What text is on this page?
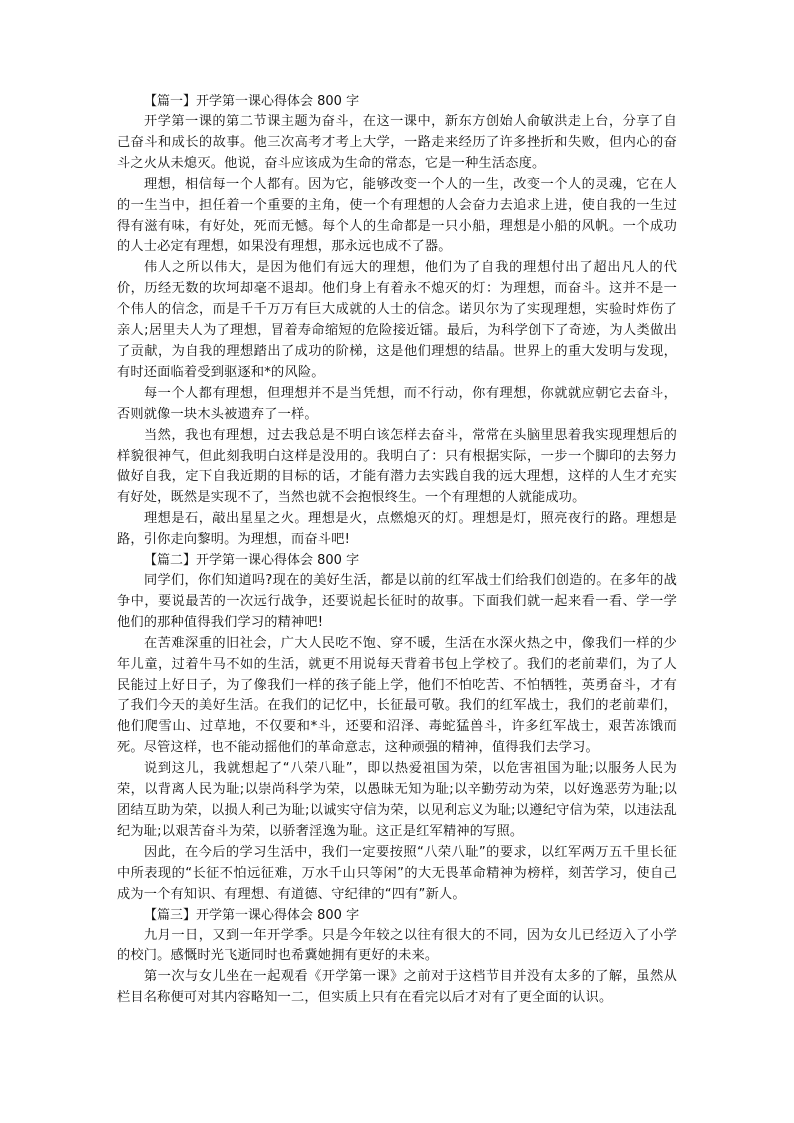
【篇一】开学第一课心得体会 800 字

开学第一课的第二节课主题为奋斗，在这一课中，新东方创始人俞敏洪走上台，分享了自己奋斗和成长的故事。他三次高考才考上大学，一路走来经历了许多挫折和失败，但内心的奋斗之火从未熄灭。他说，奋斗应该成为生命的常态，它是一种生活态度。

理想，相信每一个人都有。因为它，能够改变一个人的一生，改变一个人的灵魂，它在人的一生当中，担任着一个重要的主角，使一个有理想的人会奋力去追求上进，使自我的一生过得有滋有味，有好处，死而无憾。每个人的生命都是一只小船，理想是小船的风帆。一个成功的人士必定有理想，如果没有理想，那永远也成不了器。

伟人之所以伟大，是因为他们有远大的理想，他们为了自我的理想付出了超出凡人的代价，历经无数的坎坷却毫不退却。他们身上有着永不熄灭的灯：为理想，而奋斗。这并不是一个伟人的信念，而是千千万万有巨大成就的人士的信念。诺贝尔为了实现理想，实验时炸伤了亲人;居里夫人为了理想，冒着寿命缩短的危险接近镭。最后，为科学创下了奇迹，为人类做出了贡献，为自我的理想踏出了成功的阶梯，这是他们理想的结晶。世界上的重大发明与发现，有时还面临着受到驱逐和*的风险。

每一个人都有理想，但理想并不是当凭想，而不行动，你有理想，你就就应朝它去奋斗，否则就像一块木头被遗弃了一样。

当然，我也有理想，过去我总是不明白该怎样去奋斗，常常在头脑里思着我实现理想后的样貌很神气，但此刻我明白这样是没用的。我明白了：只有根据实际，一步一个脚印的去努力做好自我，定下自我近期的目标的话，才能有潜力去实践自我的远大理想，这样的人生才充实有好处，既然是实现不了，当然也就不会抱恨终生。一个有理想的人就能成功。

理想是石，敲出星星之火。理想是火，点燃熄灭的灯。理想是灯，照亮夜行的路。理想是路，引你走向黎明。为理想，而奋斗吧!

【篇二】开学第一课心得体会 800 字

同学们，你们知道吗?现在的美好生活，都是以前的红军战士们给我们创造的。在多年的战争中，要说最苦的一次远行战争，还要说起长征时的故事。下面我们就一起来看一看、学一学他们的那种值得我们学习的精神吧!

在苦难深重的旧社会，广大人民吃不饱、穿不暖，生活在水深火热之中，像我们一样的少年儿童，过着牛马不如的生活，就更不用说每天背着书包上学校了。我们的老前辈们，为了人民能过上好日子，为了像我们一样的孩子能上学，他们不怕吃苦、不怕牺牲，英勇奋斗，才有了我们今天的美好生活。在我们的记忆中，长征最可敬。我们的红军战士，我们的老前辈们，他们爬雪山、过草地，不仅要和*斗，还要和沼泽、毒蛇猛兽斗，许多红军战士，艰苦冻饿而死。尽管这样，也不能动摇他们的革命意志，这种顽强的精神，值得我们去学习。

说到这儿，我就想起了“八荣八耻”，即以热爱祖国为荣，以危害祖国为耻;以服务人民为荣，以背离人民为耻;以崇尚科学为荣，以愚昧无知为耻;以辛勤劳动为荣，以好逸恶劳为耻;以团结互助为荣，以损人利己为耻;以诚实守信为荣，以见利忘义为耻;以遵纪守信为荣，以违法乱纪为耻;以艰苦奋斗为荣，以骄奢淫逸为耻。这正是红军精神的写照。

因此，在今后的学习生活中，我们一定要按照“八荣八耻”的要求，以红军两万五千里长征中所表现的“长征不怕远征难，万水千山只等闲”的大无畏革命精神为榜样，刻苦学习，使自己成为一个有知识、有理想、有道德、守纪律的“四有”新人。

【篇三】开学第一课心得体会 800 字

九月一日，又到一年开学季。只是今年较之以往有很大的不同，因为女儿已经迈入了小学的校门。感慨时光飞逝同时也希冀她拥有更好的未来。

第一次与女儿坐在一起观看《开学第一课》之前对于这档节目并没有太多的了解，虽然从栏目名称便可对其内容略知一二，但实质上只有在看完以后才对有了更全面的认识。
